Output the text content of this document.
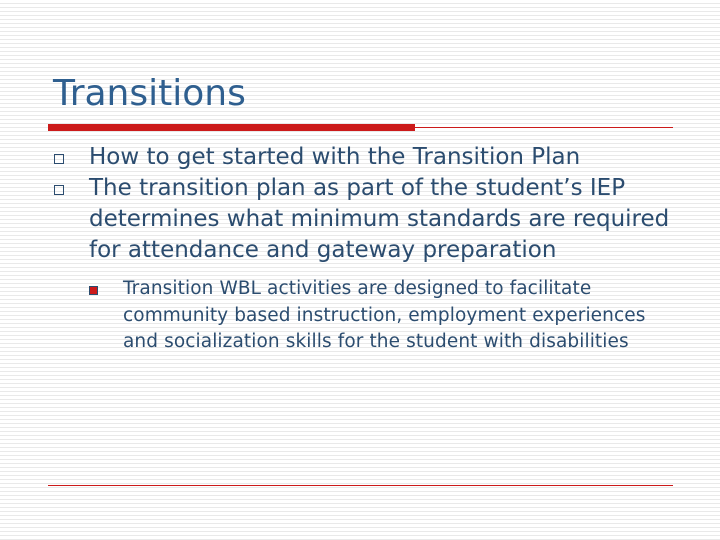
Transitions
How to get started with the Transition Plan
The transition plan as part of the student’s IEP determines what minimum standards are required for attendance and gateway preparation
Transition WBL activities are designed to facilitate community based instruction, employment experiences and socialization skills for the student with disabilities
